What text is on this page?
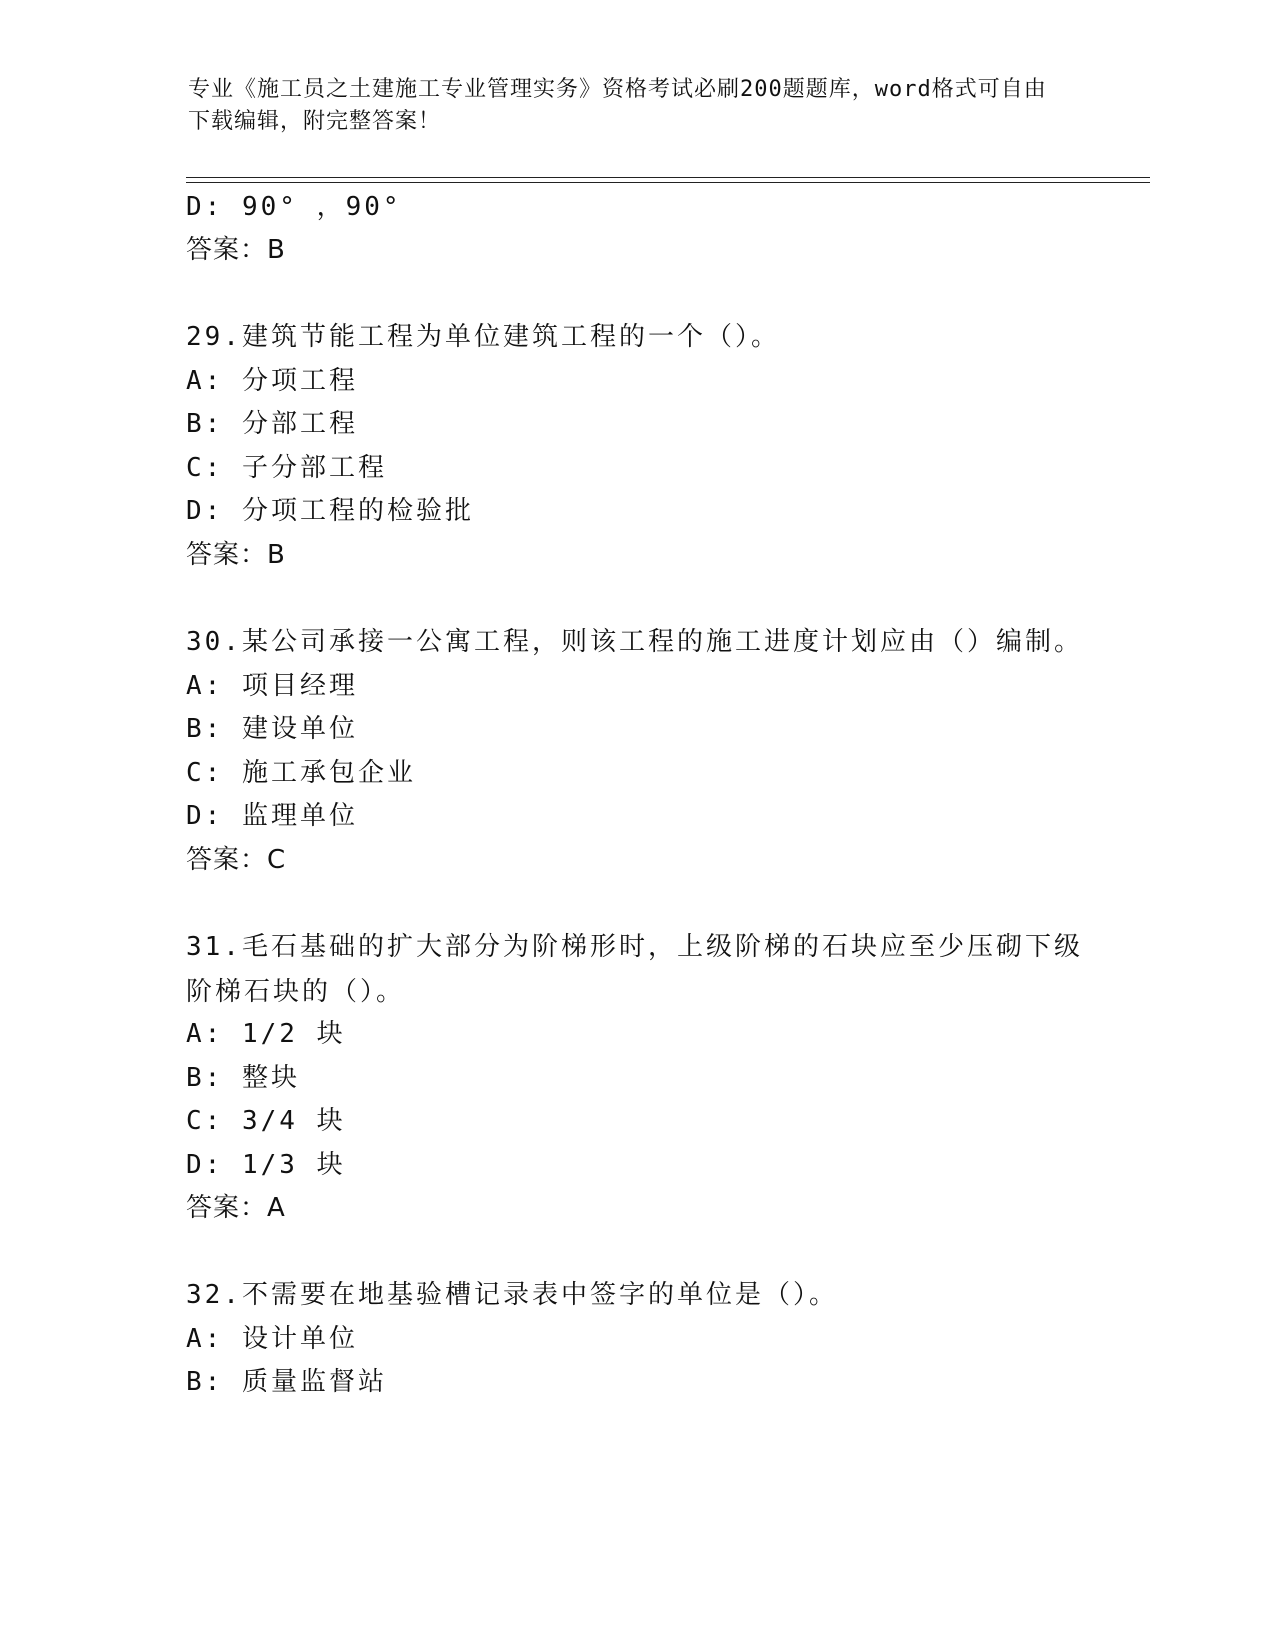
专业《施工员之土建施工专业管理实务》资格考试必刷200题题库，word格式可自由下载编辑，附完整答案！
D: 90° ，90°
答案：B
29.建筑节能工程为单位建筑工程的一个（）。
A: 分项工程
B: 分部工程
C: 子分部工程
D: 分项工程的检验批
答案：B
30.某公司承接一公寓工程，则该工程的施工进度计划应由（）编制。
A: 项目经理
B: 建设单位
C: 施工承包企业
D: 监理单位
答案：C
31.毛石基础的扩大部分为阶梯形时，上级阶梯的石块应至少压砌下级阶梯石块的（）。
A: 1/2 块
B: 整块
C: 3/4 块
D: 1/3 块
答案：A
32.不需要在地基验槽记录表中签字的单位是（）。
A: 设计单位
B: 质量监督站
